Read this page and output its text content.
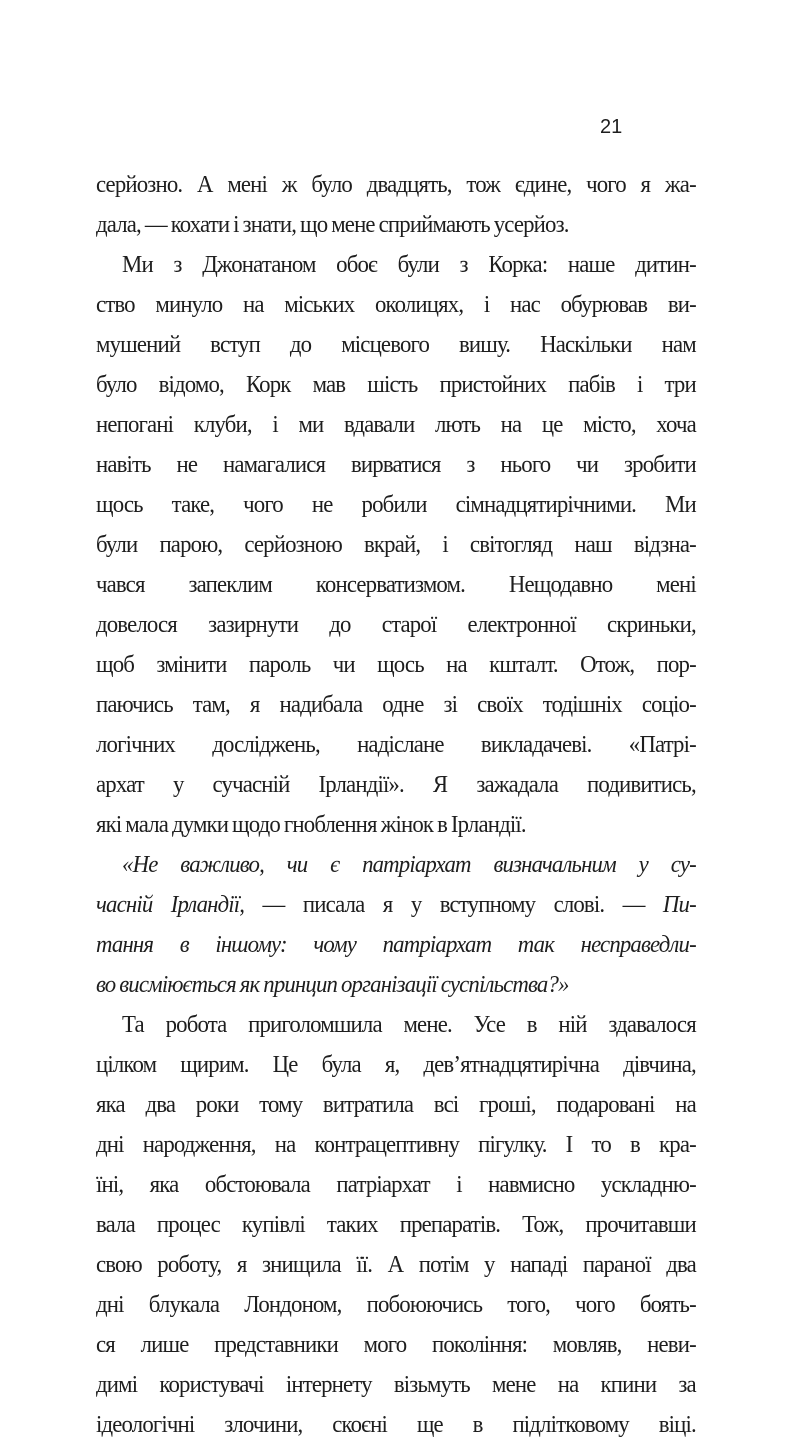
21
серйозно. А мені ж було двадцять, тож єдине, чого я жа-
дала, — кохати і знати, що мене сприймають усерйоз.
Ми з Джонатаном обоє були з Корка: наше дитин-
ство минуло на міських околицях, і нас обурював ви-
мушений вступ до місцевого вишу. Наскільки нам
було відомо, Корк мав шість пристойних пабів і три
непогані клуби, і ми вдавали лють на це місто, хоча
навіть не намагалися вирватися з нього чи зробити
щось таке, чого не робили сімнадцятирічними. Ми
були парою, серйозною вкрай, і світогляд наш відзна-
чався запеклим консерватизмом. Нещодавно мені
довелося зазирнути до старої електронної скриньки,
щоб змінити пароль чи щось на кшталт. Отож, пор-
паючись там, я надибала одне зі своїх тодішніх соціо-
логічних досліджень, надіслане викладачеві. «Патрі-
архат у сучасній Ірландії». Я зажадала подивитись,
які мала думки щодо гноблення жінок в Ірландії.
«Не важливо, чи є патріархат визначальним у су-
часній Ірландії, — писала я у вступному слові. — Пи-
тання в іншому: чому патріархат так несправедли-
во висміюється як принцип організації суспільства?»
Та робота приголомшила мене. Усе в ній здавалося
цілком щирим. Це була я, дев’ятнадцятирічна дівчина,
яка два роки тому витратила всі гроші, подаровані на
дні народження, на контрацептивну пігулку. І то в кра-
їні, яка обстоювала патріархат і навмисно ускладню-
вала процес купівлі таких препаратів. Тож, прочитавши
свою роботу, я знищила її. А потім у нападі параної два
дні блукала Лондоном, побоюючись того, чого боять-
ся лише представники мого покоління: мовляв, неви-
димі користувачі інтернету візьмуть мене на кпини за
ідеологічні злочини, скоєні ще в підлітковому віці.
